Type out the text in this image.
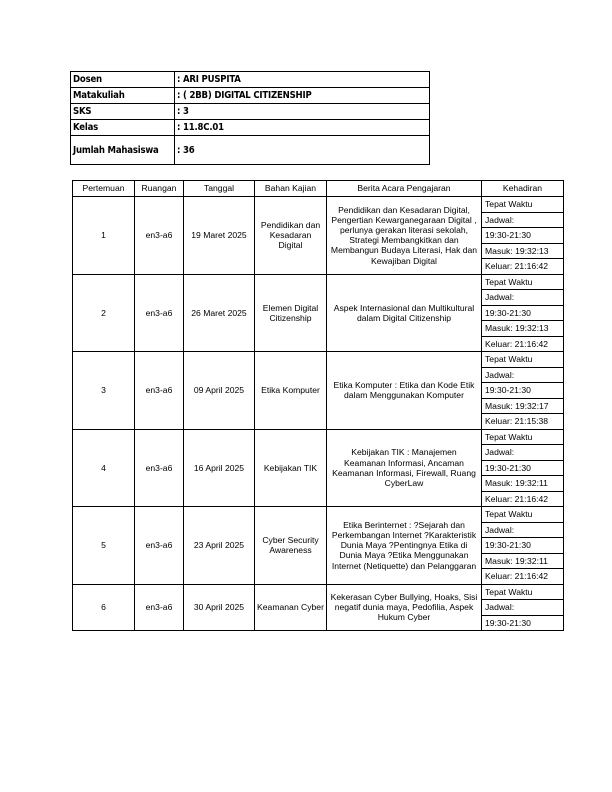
Dosen	: ARI PUSPITA
Matakuliah	: ( 2BB) DIGITAL CITIZENSHIP
SKS	: 3
Kelas	: 11.8C.01
Jumlah Mahasiswa	: 36
Pertemuan	Ruangan	Tanggal	Bahan Kajian	Berita Acara Pengajaran	Kehadiran
1	en3-a6	19 Maret 2025	Pendidikan dan Kesadaran Digital	Pendidikan dan Kesadaran Digital, Pengertian Kewarganegaraan Digital , perlunya gerakan literasi sekolah, Strategi Membangkitkan dan Membangun Budaya Literasi, Hak dan Kewajiban Digital	Tepat Waktu
					Jadwal:
					19:30-21:30
					Masuk: 19:32:13
					Keluar: 21:16:42
2	en3-a6	26 Maret 2025	Elemen Digital Citizenship	Aspek Internasional dan Multikultural dalam Digital Citizenship	Tepat Waktu
					Jadwal:
					19:30-21:30
					Masuk: 19:32:13
					Keluar: 21:16:42
3	en3-a6	09 April 2025	Etika Komputer	Etika Komputer : Etika dan Kode Etik dalam Menggunakan Komputer	Tepat Waktu
					Jadwal:
					19:30-21:30
					Masuk: 19:32:17
					Keluar: 21:15:38
4	en3-a6	16 April 2025	Kebijakan TIK	Kebijakan TIK : Manajemen Keamanan Informasi, Ancaman Keamanan Informasi, Firewall, Ruang CyberLaw	Tepat Waktu
					Jadwal:
					19:30-21:30
					Masuk: 19:32:11
					Keluar: 21:16:42
5	en3-a6	23 April 2025	Cyber Security Awareness	Etika Berinternet : ?Sejarah dan Perkembangan Internet ?Karakteristik Dunia Maya ?Pentingnya Etika di Dunia Maya ?Etika Menggunakan Internet (Netiquette) dan Pelanggaran	Tepat Waktu
					Jadwal:
					19:30-21:30
					Masuk: 19:32:11
					Keluar: 21:16:42
6	en3-a6	30 April 2025	Keamanan Cyber	Kekerasan Cyber Bullying, Hoaks, Sisi negatif dunia maya, Pedofilia, Aspek Hukum Cyber	Tepat Waktu
					Jadwal:
					19:30-21:30
